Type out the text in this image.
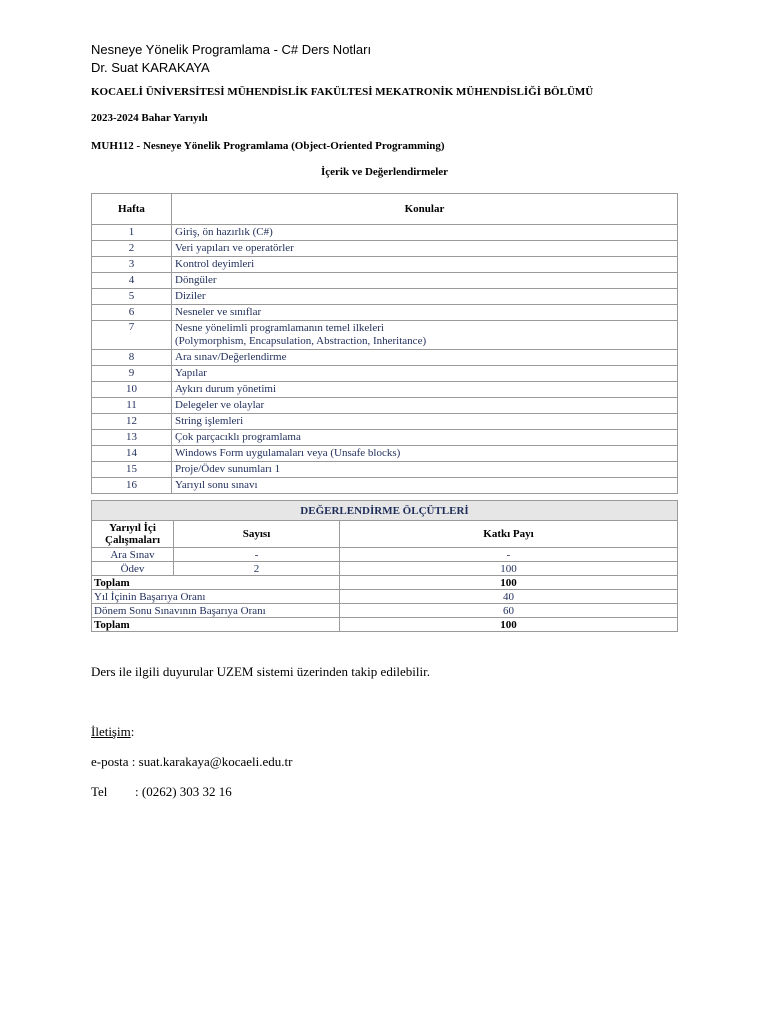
Nesneye Yönelik Programlama - C# Ders Notları
Dr. Suat KARAKAYA
KOCAELİ ÜNİVERSİTESİ MÜHENDİSLİK FAKÜLTESİ MEKATRONİK MÜHENDİSLİĞİ BÖLÜMÜ
2023-2024 Bahar Yarıyılı
MUH112 - Nesneye Yönelik Programlama (Object-Oriented Programming)
İçerik ve Değerlendirmeler
Hafta	Konular
1	Giriş, ön hazırlık (C#)
2	Veri yapıları ve operatörler
3	Kontrol deyimleri
4	Döngüler
5	Diziler
6	Nesneler ve sınıflar
7	Nesne yönelimli programlamanın temel ilkeleri
(Polymorphism, Encapsulation, Abstraction, Inheritance)

8	Ara sınav/Değerlendirme
9	Yapılar
10	Aykırı durum yönetimi
11	Delegeler ve olaylar
12	String işlemleri
13	Çok parçacıklı programlama
14	Windows Form uygulamaları veya (Unsafe blocks)
15	Proje/Ödev sunumları 1
16	Yarıyıl sonu sınavı
DEĞERLENDİRME ÖLÇÜTLERİ		
Yarıyıl İçi Çalışmaları	Sayısı	Katkı Payı
Ara Sınav	-	-
Ödev	2	100
Toplam		100
Yıl İçinin Başarıya Oranı		40
Dönem Sonu Sınavının Başarıya Oranı		60
Toplam		100
Ders ile ilgili duyurular UZEM sistemi üzerinden takip edilebilir.
İletişim:
e-posta : suat.karakaya@kocaeli.edu.tr
Tel : (0262) 303 32 16
